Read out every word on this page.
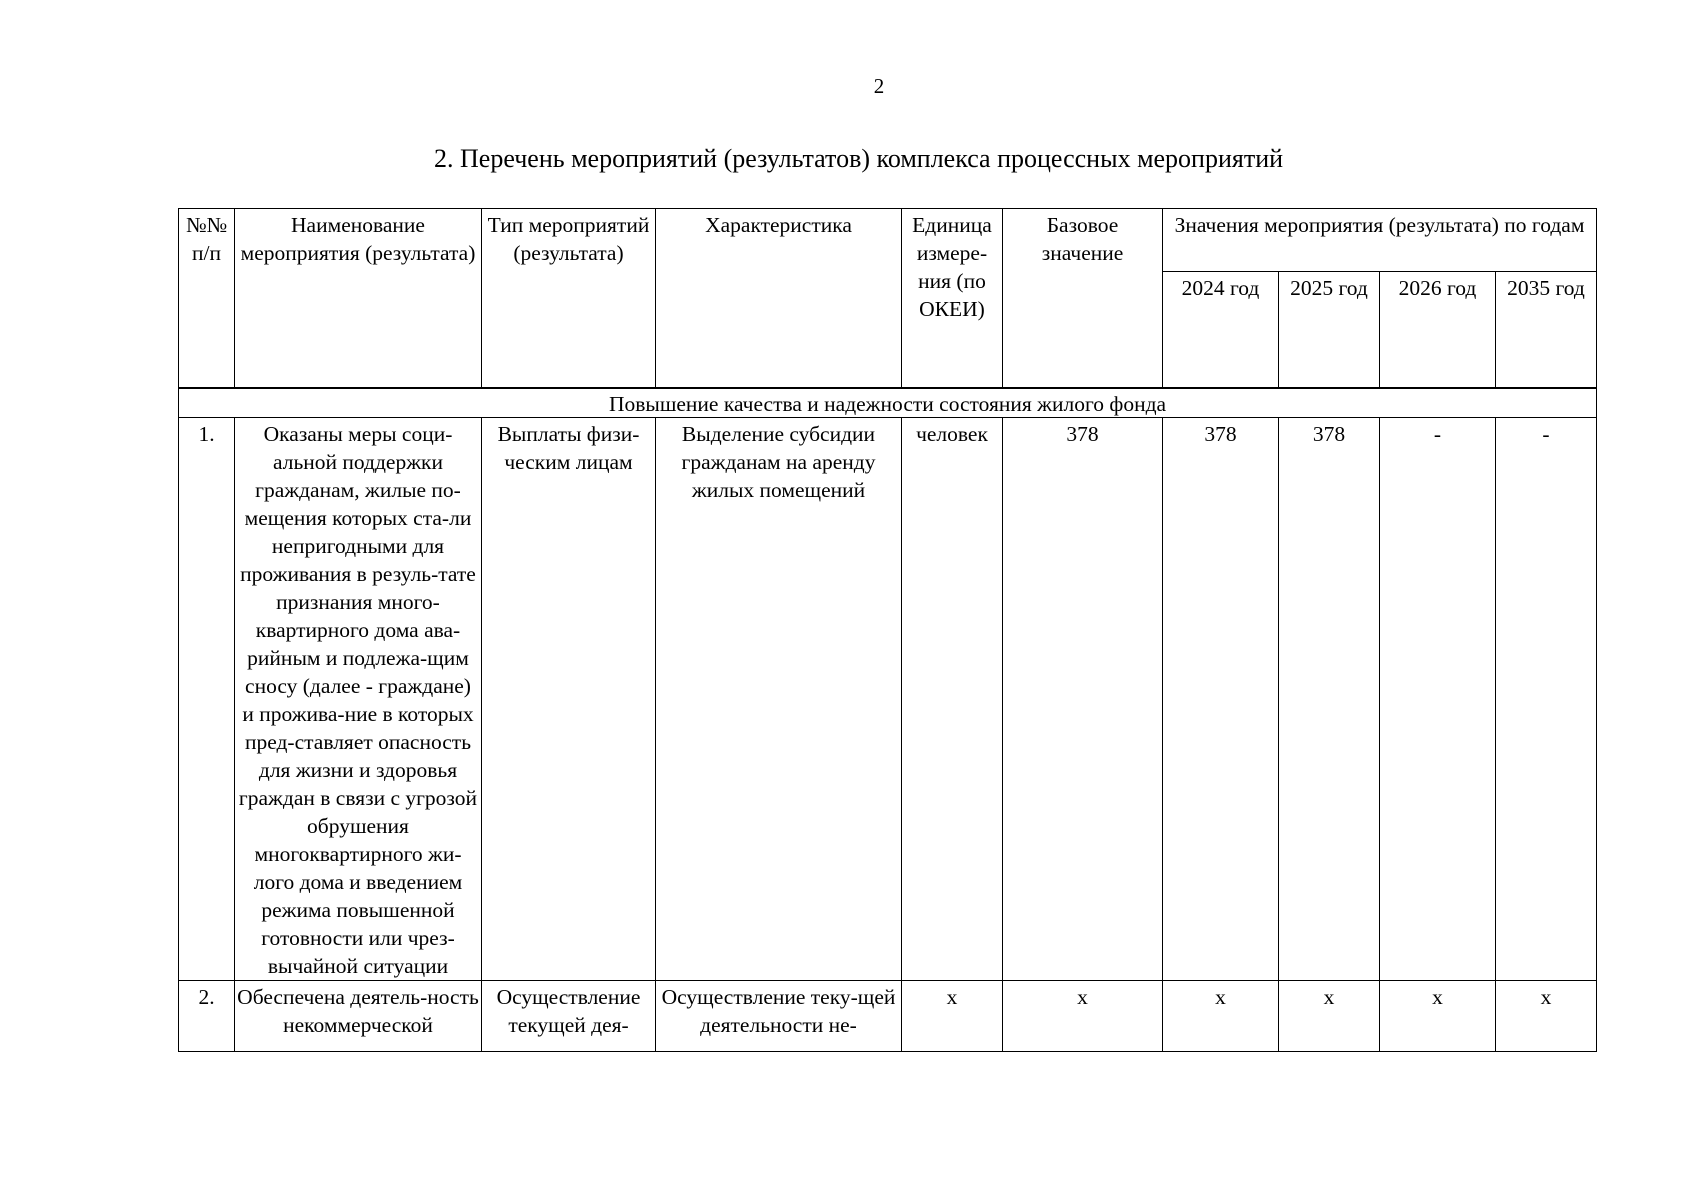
2
2. Перечень мероприятий (результатов) комплекса процессных мероприятий
№№ п/п	Наименование мероприятия (результата)	Тип мероприятий (результата)	Характеристика	Единица измере-ния (по ОКЕИ)	Базовое значение	Значения мероприятия (результата) по годам			
						2024 год	2025 год	2026 год	2035 год
Повышение качества и надежности состояния жилого фонда									
1.	Оказаны меры соци-альной поддержки гражданам, жилые по-мещения которых ста-ли непригодными для проживания в резуль-тате признания много-квартирного дома ава-рийным и подлежа-щим сносу (далее - граждане) и прожива-ние в которых пред-ставляет опасность для жизни и здоровья граждан в связи с угрозой обрушения многоквартирного жи-лого дома и введением режима повышенной готовности или чрез-вычайной ситуации	Выплаты физи-ческим лицам	Выделение субсидии гражданам на аренду жилых помещений	человек	378	378	378	-	-
2.	Обеспечена деятель-ность некоммерческой	Осуществление текущей дея-	Осуществление теку-щей деятельности не-	х	х	х	х	х	х
